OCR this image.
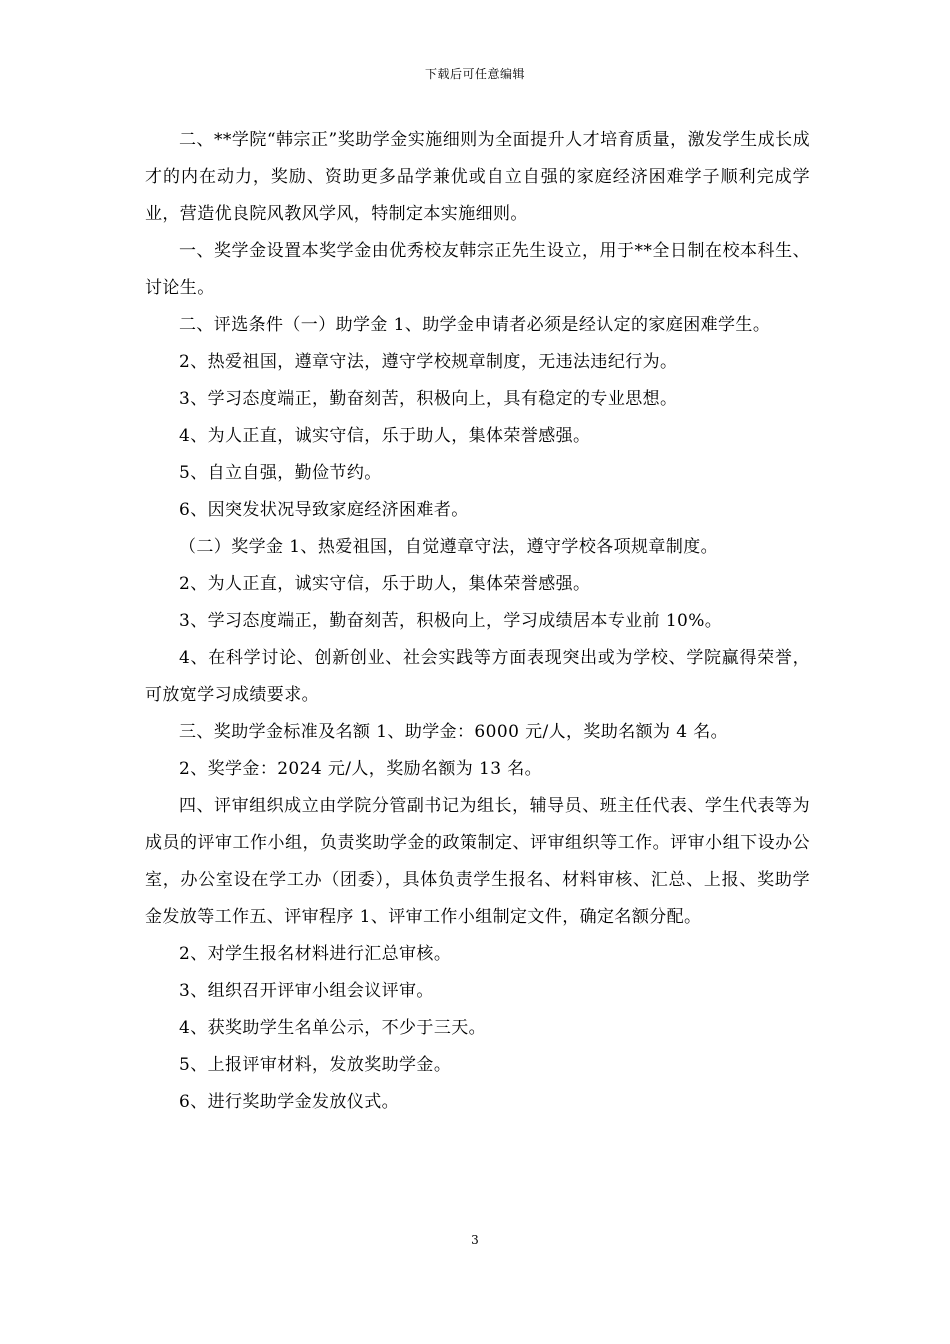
下载后可任意编辑

二、**学院“韩宗正”奖助学金实施细则为全面提升人才培育质量，激发学生成长成才的内在动力，奖励、资助更多品学兼优或自立自强的家庭经济困难学子顺利完成学业，营造优良院风教风学风，特制定本实施细则。

一、奖学金设置本奖学金由优秀校友韩宗正先生设立，用于**全日制在校本科生、讨论生。

二、评选条件（一）助学金 1、助学金申请者必须是经认定的家庭困难学生。

2、热爱祖国，遵章守法，遵守学校规章制度，无违法违纪行为。

3、学习态度端正，勤奋刻苦，积极向上，具有稳定的专业思想。

4、为人正直，诚实守信，乐于助人，集体荣誉感强。

5、自立自强，勤俭节约。

6、因突发状况导致家庭经济困难者。

（二）奖学金 1、热爱祖国，自觉遵章守法，遵守学校各项规章制度。

2、为人正直，诚实守信，乐于助人，集体荣誉感强。

3、学习态度端正，勤奋刻苦，积极向上，学习成绩居本专业前 10%。

4、在科学讨论、创新创业、社会实践等方面表现突出或为学校、学院赢得荣誉，可放宽学习成绩要求。

三、奖助学金标准及名额 1、助学金：6000 元/人，奖助名额为 4 名。

2、奖学金：2024 元/人，奖励名额为 13 名。

四、评审组织成立由学院分管副书记为组长，辅导员、班主任代表、学生代表等为成员的评审工作小组，负责奖助学金的政策制定、评审组织等工作。评审小组下设办公室，办公室设在学工办（团委），具体负责学生报名、材料审核、汇总、上报、奖助学金发放等工作五、评审程序 1、评审工作小组制定文件，确定名额分配。

2、对学生报名材料进行汇总审核。

3、组织召开评审小组会议评审。

4、获奖助学生名单公示，不少于三天。

5、上报评审材料，发放奖助学金。

6、进行奖助学金发放仪式。

3
